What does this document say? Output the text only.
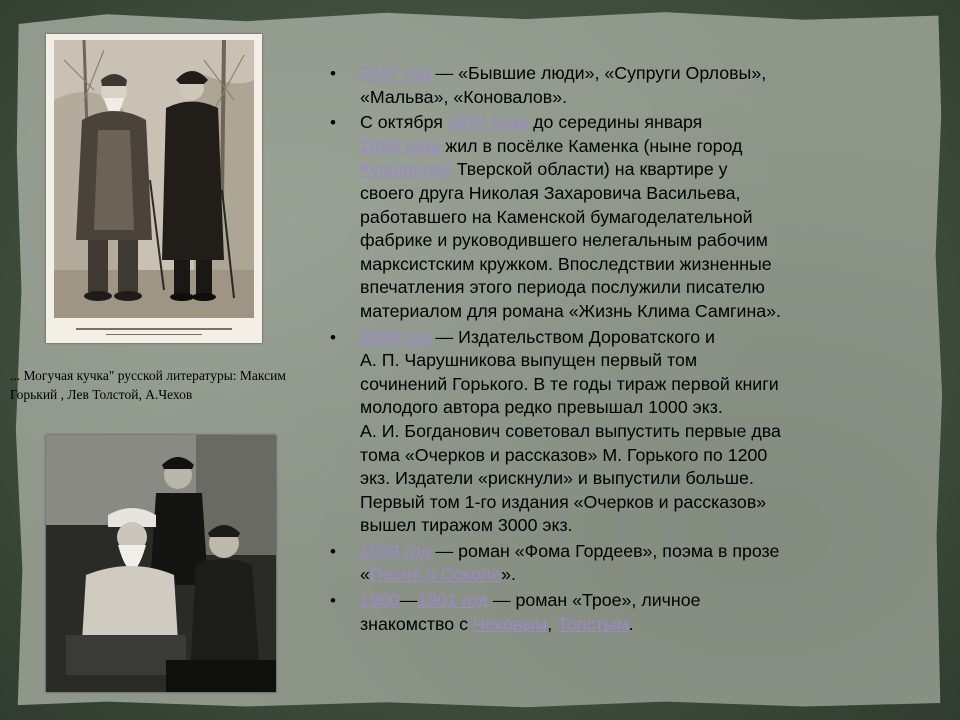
... Могучая кучка" русской литературы: Максим Горький , Лев Толстой, А.Чехов

• 1897 год — «Бывшие люди», «Супруги Орловы»,
«Мальва», «Коновалов».
• С октября 1897 года до середины января
1898 года жил в посёлке Каменка (ныне город
Кувшиново Тверской области) на квартире у
своего друга Николая Захаровича Васильева,
работавшего на Каменской бумагоделательной
фабрике и руководившего нелегальным рабочим
марксистским кружком. Впоследствии жизненные
впечатления этого периода послужили писателю
материалом для романа «Жизнь Клима Самгина».
• 1898 год — Издательством Дороватского и
А. П. Чарушникова выпущен первый том
сочинений Горького. В те годы тираж первой книги
молодого автора редко превышал 1000 экз.
А. И. Богданович советовал выпустить первые два
тома «Очерков и рассказов» М. Горького по 1200
экз. Издатели «рискнули» и выпустили больше.
Первый том 1-го издания «Очерков и рассказов»
вышел тиражом 3000 экз.
• 1899 год — роман «Фома Гордеев», поэма в прозе
«Песня о Соколе».
• 1900—1901 год — роман «Трое», личное
знакомство с Чеховым, Толстым.
